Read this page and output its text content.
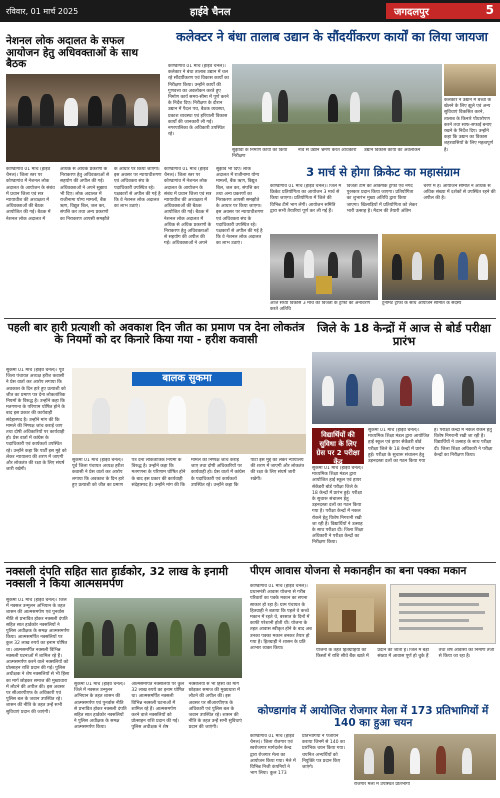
रविवार, 01 मार्च 2025	हाईवे चैनल	जगदलपुर	5
नेशनल लोक अदालत के सफल आयोजन हेतु अधिवक्ताओं के साथ बैठक
कोण्डागांव 01 मार्च (हाईवे चैनल)। जिला स्तर पर कोण्डागांव में नेशनल लोक अदालत के आयोजन के संबंध में प्रधान जिला एवं सत्र न्यायाधीश की अध्यक्षता में अधिवक्ताओं की बैठक आयोजित की गई। बैठक में नेशनल लोक अदालत में अधिक से अधिक प्रकरणों के निराकरण हेतु अधिवक्ताओं से सहयोग की अपील की गई। अधिवक्ताओं ने अपने सुझाव भी दिए। लोक अदालत में राजीनामा योग्य मामलों, बैंक ऋण, विद्युत बिल, जल कर, संपत्ति कर तथा अन्य प्रकरणों का निराकरण आपसी समझौते के आधार पर किया जाएगा। इस अवसर पर न्यायाधीशगण एवं अधिवक्ता संघ के पदाधिकारी उपस्थित रहे। पक्षकारों से अपील की गई है कि वे नेशनल लोक अदालत का लाभ उठाएं।
कोण्डागांव 01 मार्च (हाईवे चैनल)। जिला स्तर पर कोण्डागांव में नेशनल लोक अदालत के आयोजन के संबंध में प्रधान जिला एवं सत्र न्यायाधीश की अध्यक्षता में अधिवक्ताओं की बैठक आयोजित की गई। बैठक में नेशनल लोक अदालत में अधिक से अधिक प्रकरणों के निराकरण हेतु अधिवक्ताओं से सहयोग की अपील की गई। अधिवक्ताओं ने अपने सुझाव भी दिए। लोक अदालत में राजीनामा योग्य मामलों, बैंक ऋण, विद्युत बिल, जल कर, संपत्ति कर तथा अन्य प्रकरणों का निराकरण आपसी समझौते के आधार पर किया जाएगा। इस अवसर पर न्यायाधीशगण एवं अधिवक्ता संघ के पदाधिकारी उपस्थित रहे। पक्षकारों से अपील की गई है कि वे नेशनल लोक अदालत का लाभ उठाएं।
कलेक्टर ने बंधा तालाब उद्यान के सौंदर्यीकरण कार्यों का लिया जायजा
कोण्डागांव 01 मार्च (हाईवे चैनल)। कलेक्टर ने बंधा तालाब उद्यान में चल रहे सौंदर्यीकरण एवं विकास कार्यों का निरीक्षण किया। उन्होंने कार्यों की गुणवत्ता का अवलोकन करते हुए निर्माण कार्य समय-सीमा में पूर्ण करने के निर्देश दिए। निरीक्षण के दौरान उद्यान में पैदल पथ, बैठक व्यवस्था, प्रकाश व्यवस्था एवं हरियाली विकास कार्यों की जानकारी ली गई। नगरपालिका के अधिकारी उपस्थित रहे।
कलेक्टर ने उद्यान में बच्चों के खेलने के लिए झूले एवं अन्य सुविधाएं विकसित करने, तालाब के किनारे पौधारोपण करने तथा साफ-सफाई बनाए रखने के निर्देश दिए। उन्होंने कहा कि उद्यान का विकास शहरवासियों के लिए महत्वपूर्ण है।
सुझावों के निर्माण कार्यों का किया निरीक्षण
नाव से उद्यान भ्रमण करते अधिकारी	उद्यान विकास कार्यों का अवलोकन
3 मार्च से होगा क्रिकेट का महासंग्राम
कोण्डागांव 01 मार्च (हाईवे चैनल)। जिले में क्रिकेट प्रतियोगिता का आयोजन 3 मार्च से किया जाएगा। प्रतियोगिता में जिले की विभिन्न टीमें भाग लेंगी। आयोजन समिति द्वारा सभी तैयारियां पूर्ण कर ली गई हैं। विजेता टीम को आकर्षक ट्रॉफी एवं नगद पुरस्कार प्रदान किया जाएगा। प्रतियोगिता का शुभारंभ मुख्य अतिथि द्वारा किया जाएगा। खिलाड़ियों में प्रतियोगिता को लेकर भारी उत्साह है। मैदान की तैयारी अंतिम चरण में है। आयोजन समिति ने अधिक से अधिक संख्या में दर्शकों से उपस्थित रहने की अपील की है।
आज संध्या विकसि 3 मार्च का विजेता के ट्रॉफी का अनावरण करते अतिथि
टूर्नामेंट ट्रॉफी के साथ आयोजन समिति के सदस्य
पहली बार हारी प्रत्याशी को अवकाश दिन जीत का प्रमाण पत्र देना लोकतंत्र के नियमों को दर किनारे किया गया - हरीश कवासी
सुकमा 01 मार्च (हाईवे चैनल)। पूर्व जिला पंचायत अध्यक्ष हरीश कवासी ने प्रेस वार्ता कर आरोप लगाया कि अवकाश के दिन हारे हुए प्रत्याशी को जीत का प्रमाण पत्र देना लोकतांत्रिक नियमों के विरुद्ध है। उन्होंने कहा कि मतगणना के परिणाम घोषित होने के बाद इस प्रकार की कार्यवाही संदेहास्पद है। उन्होंने मांग की कि मामले की निष्पक्ष जांच कराई जाए तथा दोषी अधिकारियों पर कार्यवाही हो। प्रेस वार्ता में कांग्रेस के पदाधिकारी एवं कार्यकर्ता उपस्थित रहे। उन्होंने कहा कि पार्टी इस मुद्दे को लेकर न्यायालय की शरण में जाएगी और लोकतंत्र की रक्षा के लिए संघर्ष जारी रखेगी।
बालक सुकमा
सुकमा 01 मार्च (हाईवे चैनल)। पूर्व जिला पंचायत अध्यक्ष हरीश कवासी ने प्रेस वार्ता कर आरोप लगाया कि अवकाश के दिन हारे हुए प्रत्याशी को जीत का प्रमाण पत्र देना लोकतांत्रिक नियमों के विरुद्ध है। उन्होंने कहा कि मतगणना के परिणाम घोषित होने के बाद इस प्रकार की कार्यवाही संदेहास्पद है। उन्होंने मांग की कि मामले की निष्पक्ष जांच कराई जाए तथा दोषी अधिकारियों पर कार्यवाही हो। प्रेस वार्ता में कांग्रेस के पदाधिकारी एवं कार्यकर्ता उपस्थित रहे। उन्होंने कहा कि पार्टी इस मुद्दे को लेकर न्यायालय की शरण में जाएगी और लोकतंत्र की रक्षा के लिए संघर्ष जारी रखेगी।
जिले के 18 केन्द्रों में आज से बोर्ड परीक्षा प्रारंभ
विद्यार्थियों की सुविधा के लिए ग्रेस पर 2 परीक्षा केंद्र
सुकमा 01 मार्च (हाईवे चैनल)। माध्यमिक शिक्षा मंडल द्वारा आयोजित हाई स्कूल एवं हायर सेकेंडरी बोर्ड परीक्षा जिले के 18 केन्द्रों में प्रारंभ हुई। परीक्षा के सुचारू संचालन हेतु उड़नदस्ता दलों का गठन किया गया है। परीक्षा केन्द्रों में नकल रोकने हेतु विशेष निगरानी रखी जा रही है। विद्यार्थियों ने उत्साह के साथ परीक्षा दी। जिला शिक्षा अधिकारी ने परीक्षा केन्द्रों का निरीक्षण किया।
सुकमा 01 मार्च (हाईवे चैनल)। माध्यमिक शिक्षा मंडल द्वारा आयोजित हाई स्कूल एवं हायर सेकेंडरी बोर्ड परीक्षा जिले के 18 केन्द्रों में प्रारंभ हुई। परीक्षा के सुचारू संचालन हेतु उड़नदस्ता दलों का गठन किया गया है। परीक्षा केन्द्रों में नकल रोकने हेतु विशेष निगरानी रखी जा रही है। विद्यार्थियों ने उत्साह के साथ परीक्षा दी। जिला शिक्षा अधिकारी ने परीक्षा केन्द्रों का निरीक्षण किया।
नक्सली दंपति सहित सात हार्डकोर, 32 लाख के इनामी नक्सली ने किया आत्मसमर्पण
सुकमा 01 मार्च (हाईवे चैनल)। जिले में नक्सल उन्मूलन अभियान के तहत शासन की आत्मसमर्पण एवं पुनर्वास नीति से प्रभावित होकर नक्सली दंपति सहित सात हार्डकोर नक्सलियों ने पुलिस अधीक्षक के समक्ष आत्मसमर्पण किया। आत्मसमर्पित नक्सलियों पर कुल 32 लाख रुपये का इनाम घोषित था। आत्मसमर्पित नक्सली विभिन्न नक्सली घटनाओं में शामिल रहे हैं। आत्मसमर्पण करने वाले नक्सलियों को प्रोत्साहन राशि प्रदान की गई। पुलिस अधीक्षक ने शेष नक्सलियों से भी हिंसा का मार्ग छोड़कर समाज की मुख्यधारा में लौटने की अपील की। इस अवसर पर सीआरपीएफ के अधिकारी एवं पुलिस बल के जवान उपस्थित रहे। शासन की नीति के तहत उन्हें सभी सुविधाएं प्रदान की जाएंगी।
सुकमा 01 मार्च (हाईवे चैनल)। जिले में नक्सल उन्मूलन अभियान के तहत शासन की आत्मसमर्पण एवं पुनर्वास नीति से प्रभावित होकर नक्सली दंपति सहित सात हार्डकोर नक्सलियों ने पुलिस अधीक्षक के समक्ष आत्मसमर्पण किया। आत्मसमर्पित नक्सलियों पर कुल 32 लाख रुपये का इनाम घोषित था। आत्मसमर्पित नक्सली विभिन्न नक्सली घटनाओं में शामिल रहे हैं। आत्मसमर्पण करने वाले नक्सलियों को प्रोत्साहन राशि प्रदान की गई। पुलिस अधीक्षक ने शेष नक्सलियों से भी हिंसा का मार्ग छोड़कर समाज की मुख्यधारा में लौटने की अपील की। इस अवसर पर सीआरपीएफ के अधिकारी एवं पुलिस बल के जवान उपस्थित रहे। शासन की नीति के तहत उन्हें सभी सुविधाएं प्रदान की जाएंगी।
पीएम आवास योजना से मकानहीन का बना पक्का मकान
कोण्डागांव 01 मार्च (हाईवे चैनल)। प्रधानमंत्री आवास योजना से गरीब परिवारों का पक्के मकान का सपना साकार हो रहा है। ग्राम पंचायत के हितग्राही ने बताया कि पहले वे कच्चे मकान में रहते थे, बरसात के दिनों में काफी परेशानी होती थी। योजना के तहत आवास स्वीकृत होने के बाद अब उनका पक्का मकान बनकर तैयार हो गया है। हितग्राही ने शासन के प्रति आभार व्यक्त किया।	योजना के तहत हितग्राहियों को किस्तों में राशि सीधे बैंक खाते में प्रदान की जाती है। जिले में बड़ी संख्या में आवास पूर्ण हो चुके हैं तथा शेष आवासों का निर्माण तेजी से किया जा रहा है।
कोण्डागांव में आयोजित रोजगार मेला में 173 प्रतिभागियों में 140 का हुआ चयन
कोण्डागांव 01 मार्च (हाईवे चैनल)। जिला रोजगार एवं स्वरोजगार मार्गदर्शन केन्द्र द्वारा रोजगार मेला का आयोजन किया गया। मेले में विभिन्न निजी कंपनियों ने भाग लिया। कुल 173 प्रतिभागियों ने पंजीयन कराया जिनमें से 140 का प्रारंभिक चयन किया गया। चयनित अभ्यर्थियों को नियुक्ति पत्र प्रदान किए जाएंगे।
रोजगार मेला में उपस्थित प्रतिभागी
